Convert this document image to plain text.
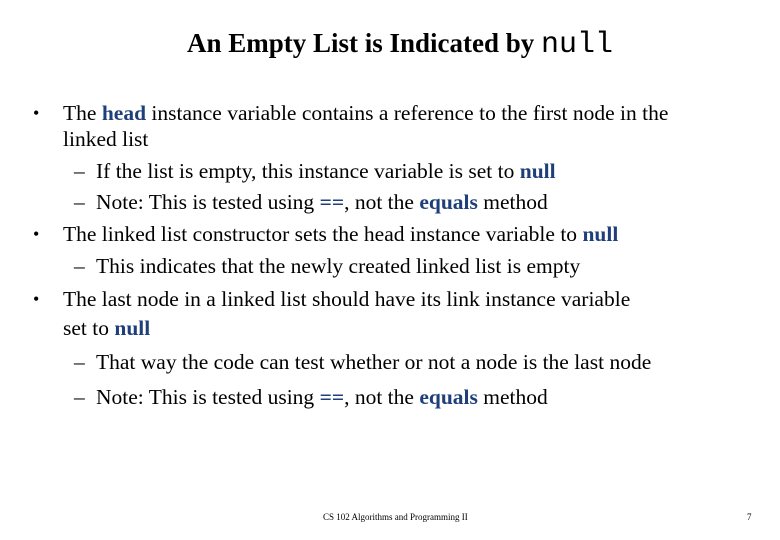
An Empty List is Indicated by null
• The head instance variable contains a reference to the first node in the
linked list
– If the list is empty, this instance variable is set to null
– Note: This is tested using ==, not the equals method
• The linked list constructor sets the head instance variable to null
– This indicates that the newly created linked list is empty
• The last node in a linked list should have its link instance variable
set to null
– That way the code can test whether or not a node is the last node
– Note: This is tested using ==, not the equals method
CS 102 Algorithms and Programming II	7
